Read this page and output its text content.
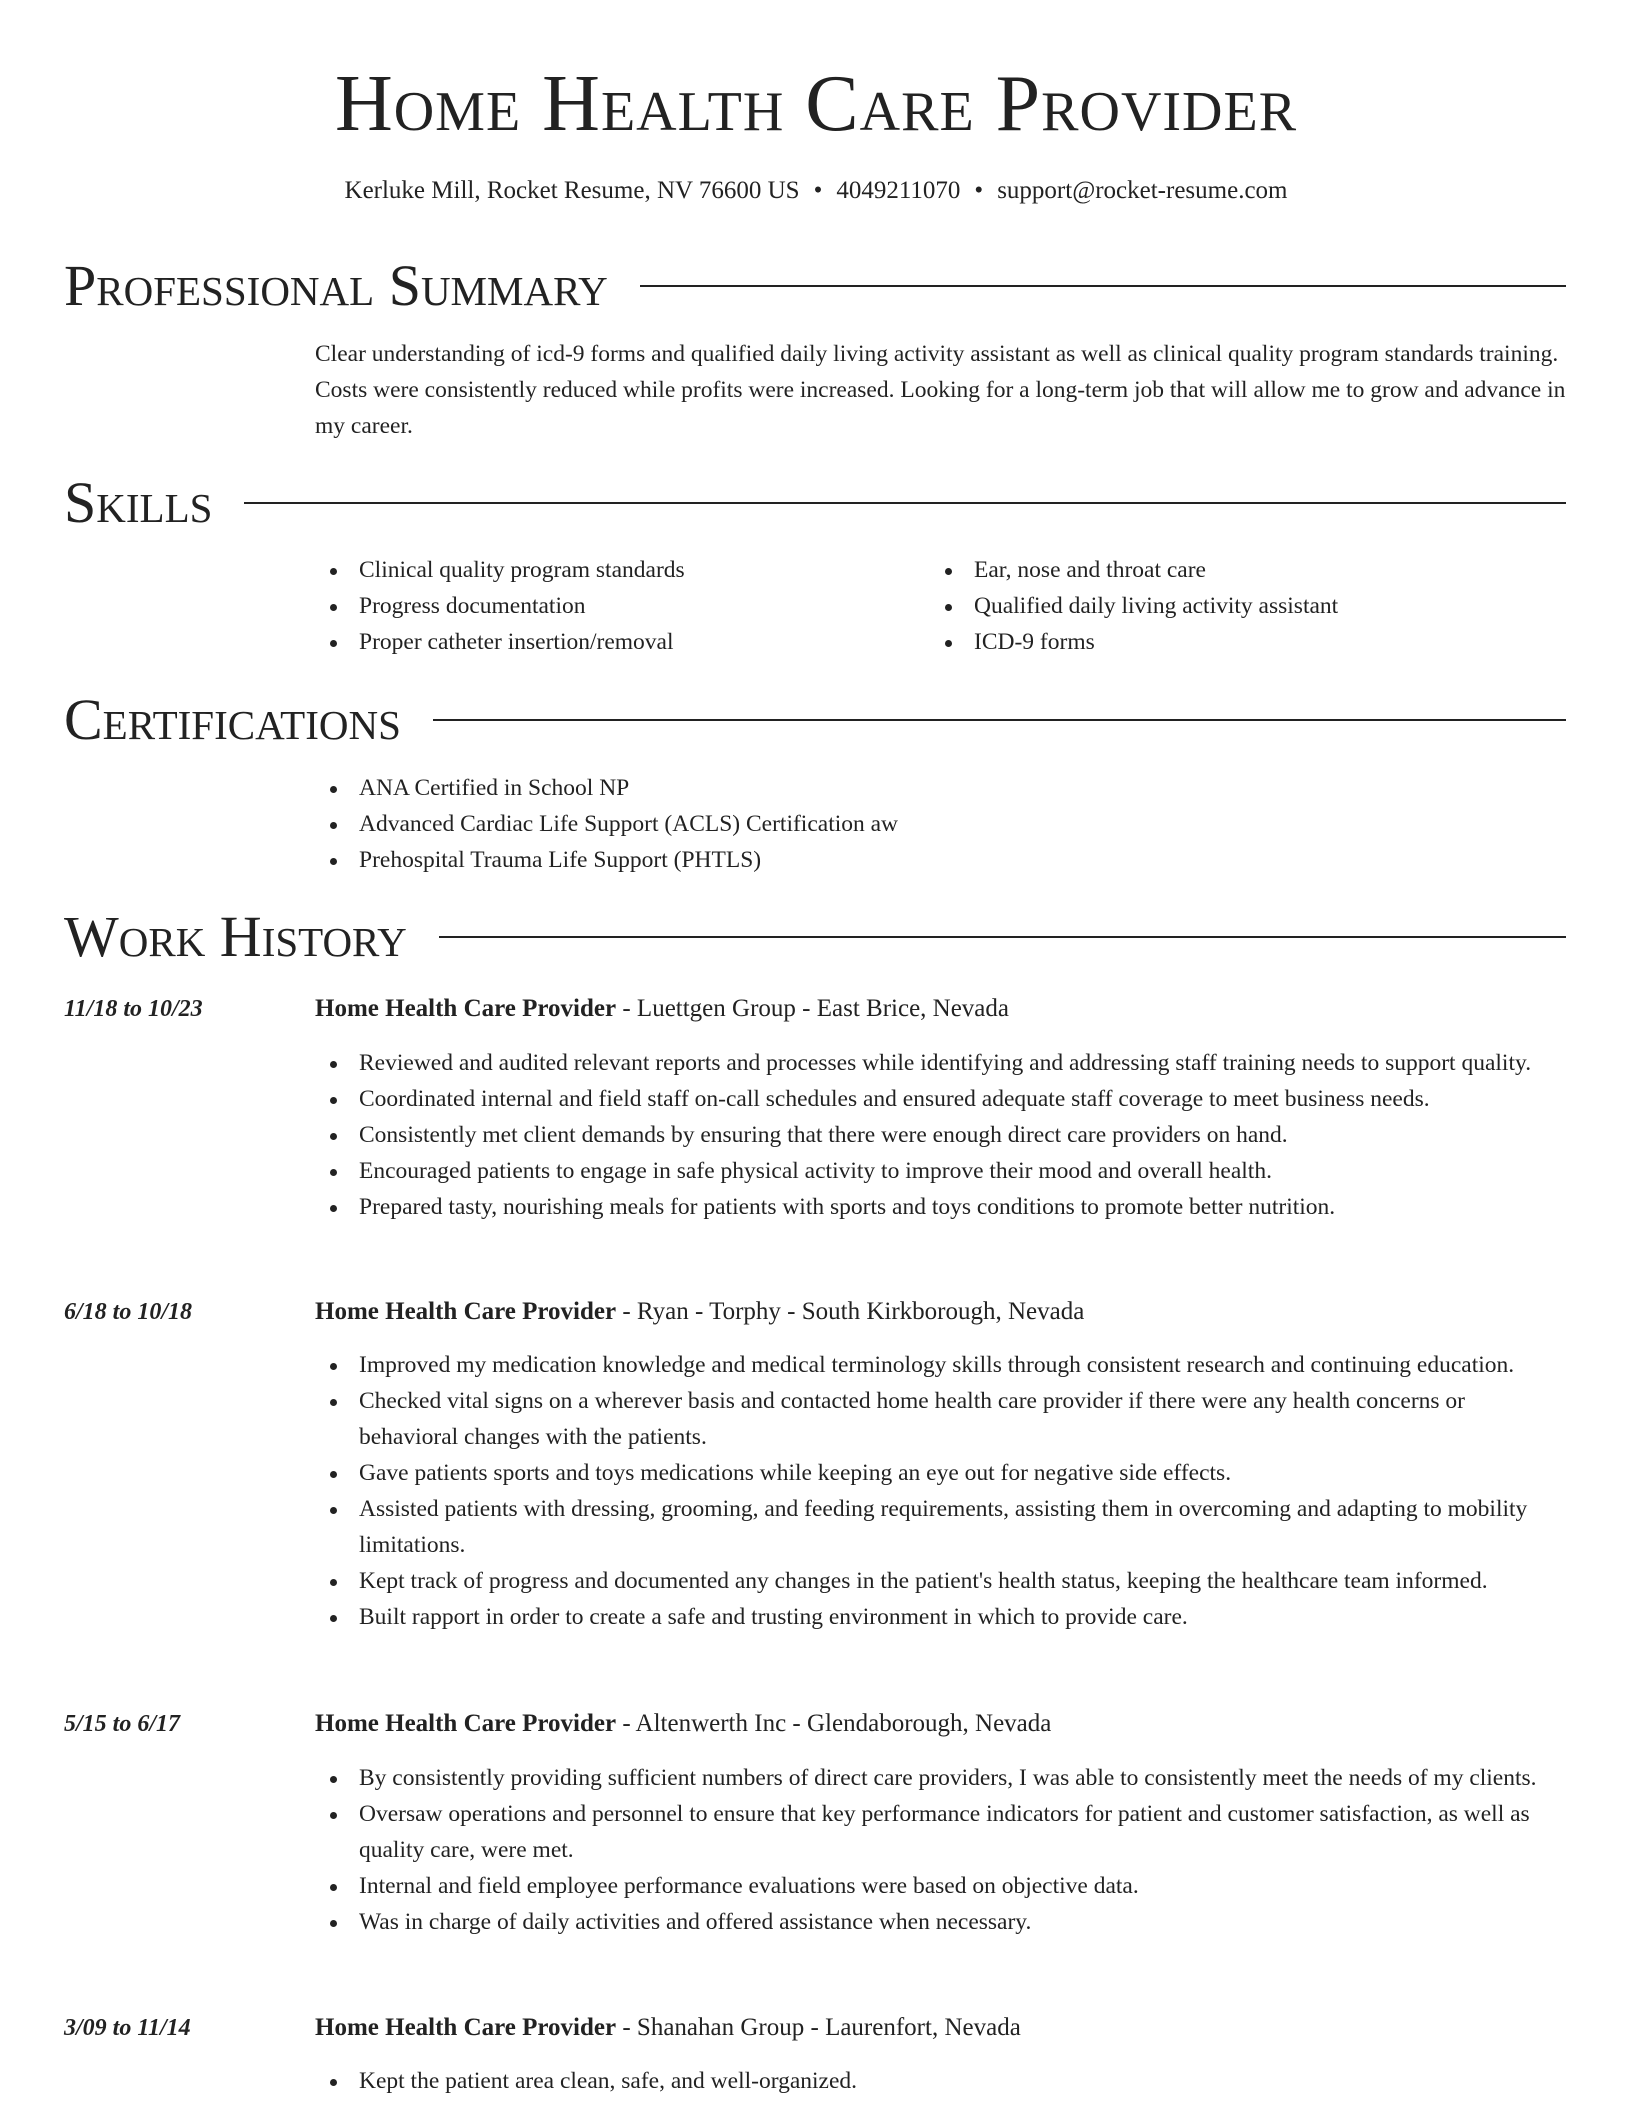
Home Health Care Provider
Kerluke Mill, Rocket Resume, NV 76600 US • 4049211070 • support@rocket-resume.com
Professional Summary

Clear understanding of icd-9 forms and qualified daily living activity assistant as well as clinical quality program standards training. Costs were consistently reduced while profits were increased. Looking for a long-term job that will allow me to grow and advance in my career.

Skills
Clinical quality program standards
Progress documentation
Proper catheter insertion/removal
Ear, nose and throat care
Qualified daily living activity assistant
ICD-9 forms
Certifications
ANA Certified in School NP
Advanced Cardiac Life Support (ACLS) Certification aw
Prehospital Trauma Life Support (PHTLS)
Work History
11/18 to 10/23	Home Health Care Provider - Luettgen Group - East Brice, Nevada
Reviewed and audited relevant reports and processes while identifying and addressing staff training needs to support quality.
Coordinated internal and field staff on-call schedules and ensured adequate staff coverage to meet business needs.
Consistently met client demands by ensuring that there were enough direct care providers on hand.
Encouraged patients to engage in safe physical activity to improve their mood and overall health.
Prepared tasty, nourishing meals for patients with sports and toys conditions to promote better nutrition.
6/18 to 10/18	Home Health Care Provider - Ryan - Torphy - South Kirkborough, Nevada
Improved my medication knowledge and medical terminology skills through consistent research and continuing education.
Checked vital signs on a wherever basis and contacted home health care provider if there were any health concerns or behavioral changes with the patients.
Gave patients sports and toys medications while keeping an eye out for negative side effects.
Assisted patients with dressing, grooming, and feeding requirements, assisting them in overcoming and adapting to mobility limitations.
Kept track of progress and documented any changes in the patient's health status, keeping the healthcare team informed.
Built rapport in order to create a safe and trusting environment in which to provide care.
5/15 to 6/17	Home Health Care Provider - Altenwerth Inc - Glendaborough, Nevada
By consistently providing sufficient numbers of direct care providers, I was able to consistently meet the needs of my clients.
Oversaw operations and personnel to ensure that key performance indicators for patient and customer satisfaction, as well as quality care, were met.
Internal and field employee performance evaluations were based on objective data.
Was in charge of daily activities and offered assistance when necessary.
3/09 to 11/14	Home Health Care Provider - Shanahan Group - Laurenfort, Nevada
Kept the patient area clean, safe, and well-organized.
